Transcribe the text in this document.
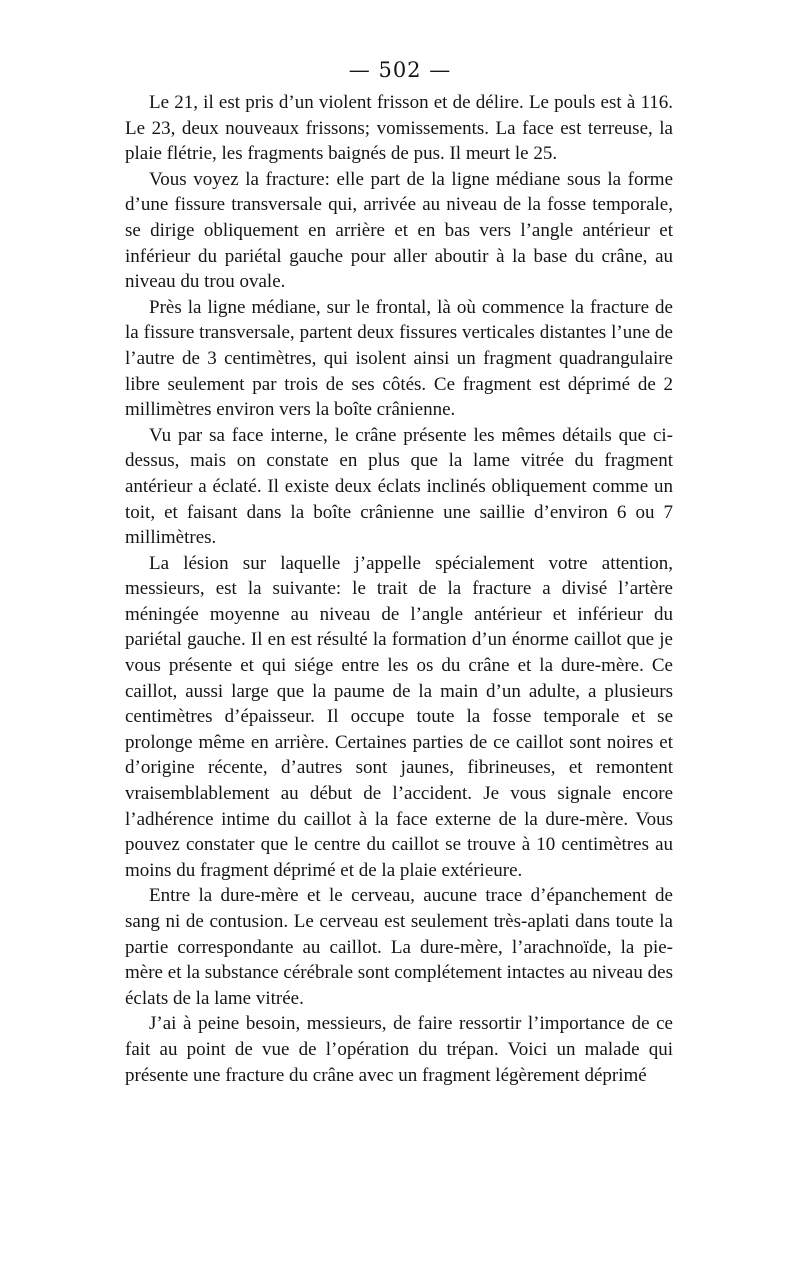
— 502 —

Le 21, il est pris d’un violent frisson et de délire. Le pouls est à 116. Le 23, deux nouveaux frissons; vomissements. La face est terreuse, la plaie flétrie, les fragments baignés de pus. Il meurt le 25.

Vous voyez la fracture: elle part de la ligne médiane sous la forme d’une fissure transversale qui, arrivée au niveau de la fosse temporale, se dirige obliquement en arrière et en bas vers l’angle antérieur et inférieur du pariétal gauche pour aller aboutir à la base du crâne, au niveau du trou ovale.

Près la ligne médiane, sur le frontal, là où commence la fracture de la fissure transversale, partent deux fissures verticales distantes l’une de l’autre de 3 centimètres, qui isolent ainsi un fragment quadrangulaire libre seulement par trois de ses côtés. Ce fragment est déprimé de 2 millimètres environ vers la boîte crânienne.

Vu par sa face interne, le crâne présente les mêmes détails que ci-dessus, mais on constate en plus que la lame vitrée du fragment antérieur a éclaté. Il existe deux éclats inclinés obliquement comme un toit, et faisant dans la boîte crânienne une saillie d’environ 6 ou 7 millimètres.

La lésion sur laquelle j’appelle spécialement votre attention, messieurs, est la suivante: le trait de la fracture a divisé l’artère méningée moyenne au niveau de l’angle antérieur et inférieur du pariétal gauche. Il en est résulté la formation d’un énorme caillot que je vous présente et qui siége entre les os du crâne et la dure-mère. Ce caillot, aussi large que la paume de la main d’un adulte, a plusieurs centimètres d’épaisseur. Il occupe toute la fosse temporale et se prolonge même en arrière. Certaines parties de ce caillot sont noires et d’origine récente, d’autres sont jaunes, fibrineuses, et remontent vraisemblablement au début de l’accident. Je vous signale encore l’adhérence intime du caillot à la face externe de la dure-mère. Vous pouvez constater que le centre du caillot se trouve à 10 centimètres au moins du fragment déprimé et de la plaie extérieure.

Entre la dure-mère et le cerveau, aucune trace d’épanchement de sang ni de contusion. Le cerveau est seulement très-aplati dans toute la partie correspondante au caillot. La dure-mère, l’arachnoïde, la pie-mère et la substance cérébrale sont complétement intactes au niveau des éclats de la lame vitrée.

J’ai à peine besoin, messieurs, de faire ressortir l’importance de ce fait au point de vue de l’opération du trépan. Voici un malade qui présente une fracture du crâne avec un fragment légèrement déprimé
